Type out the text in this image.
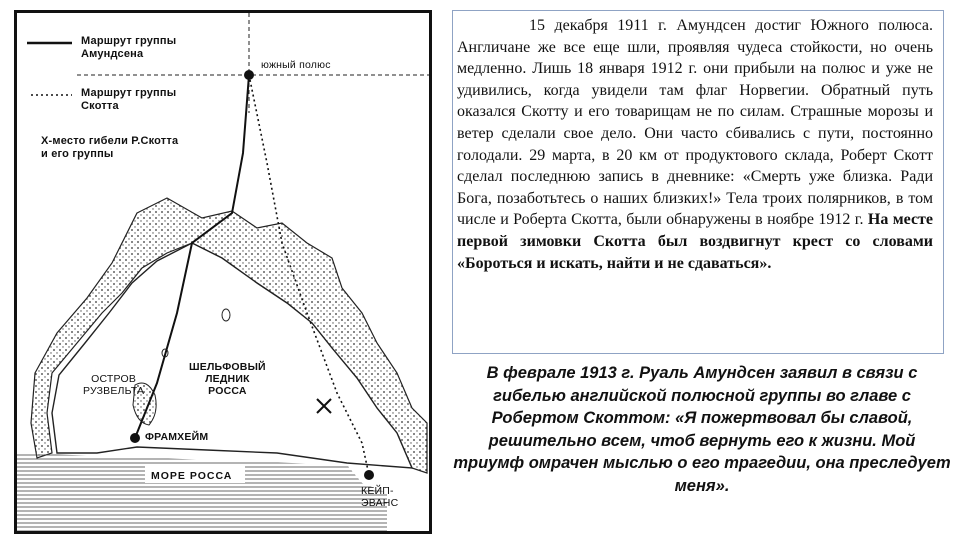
Маршрут группы
Амундсена

Маршрут группы
Скотта

Х-место гибели Р.Скотта
и его группы

южный полюс

ШЕЛЬФОВЫЙ
ЛЕДНИК
РОССА

ОСТРОВ
РУЗВЕЛЬТА

ФРАМХЕЙМ

МОРЕ РОССА

КЕЙП-
ЭВАНС

15 декабря 1911 г. Амундсен достиг Южного полюса. Англичане же все еще шли, проявляя чудеса стойкости, но очень медленно. Лишь 18 января 1912 г. они прибыли на полюс и уже не удивились, когда увидели там флаг Норвегии. Обратный путь оказался Скотту и его товарищам не по силам. Страшные морозы и ветер сделали свое дело. Они часто сбивались с пути, постоянно голодали. 29 марта, в 20 км от продуктового склада, Роберт Скотт сделал последнюю запись в дневнике: «Смерть уже близка. Ради Бога, позаботьтесь о наших близких!» Тела троих полярников, в том числе и Роберта Скотта, были обнаружены в ноябре 1912 г. На месте первой зимовки Скотта был воздвигнут крест со словами «Бороться и искать, найти и не сдаваться».

В феврале 1913 г. Руаль Амундсен заявил в связи с гибелью английской полюсной группы во главе с Робертом Скоттом: «Я пожертвовал бы славой, решительно всем, чтоб вернуть его к жизни. Мой триумф омрачен мыслью о его трагедии, она преследует меня».
